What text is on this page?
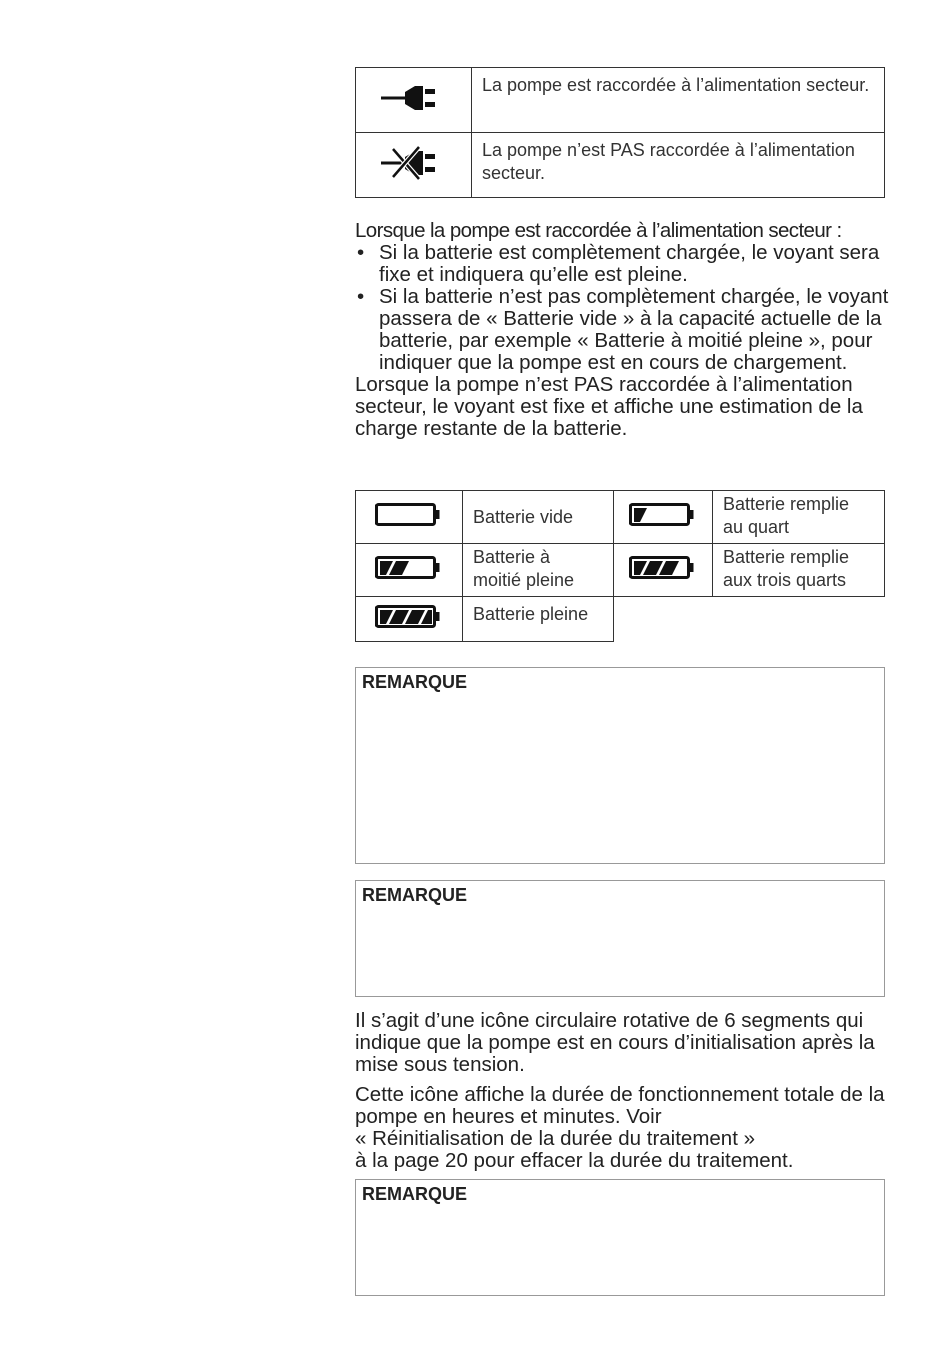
	La pompe est raccordée à l’alimentation secteur.
	La pompe n’est PAS raccordée à l’alimentation secteur.

Lorsque la pompe est raccordée à l’alimentation secteur :

• Si la batterie est complètement chargée, le voyant sera fixe et indiquera qu’elle est pleine.
• Si la batterie n’est pas complètement chargée, le voyant passera de « Batterie vide » à la capacité actuelle de la batterie, par exemple « Batterie à moitié pleine », pour indiquer que la pompe est en cours de chargement.

Lorsque la pompe n’est PAS raccordée à l’alimentation secteur, le voyant est fixe et affiche une estimation de la charge restante de la batterie.

	Batterie vide		Batterie remplie au quart
	Batterie à moitié pleine		Batterie remplie aux trois quarts
	Batterie pleine		
REMARQUE
REMARQUE

Il s’agit d’une icône circulaire rotative de 6 segments qui indique que la pompe est en cours d’initialisation après la mise sous tension.

Cette icône affiche la durée de fonctionnement totale de la pompe en heures et minutes. Voir

« Réinitialisation de la durée du traitement »

à la page 20 pour effacer la durée du traitement.

REMARQUE
